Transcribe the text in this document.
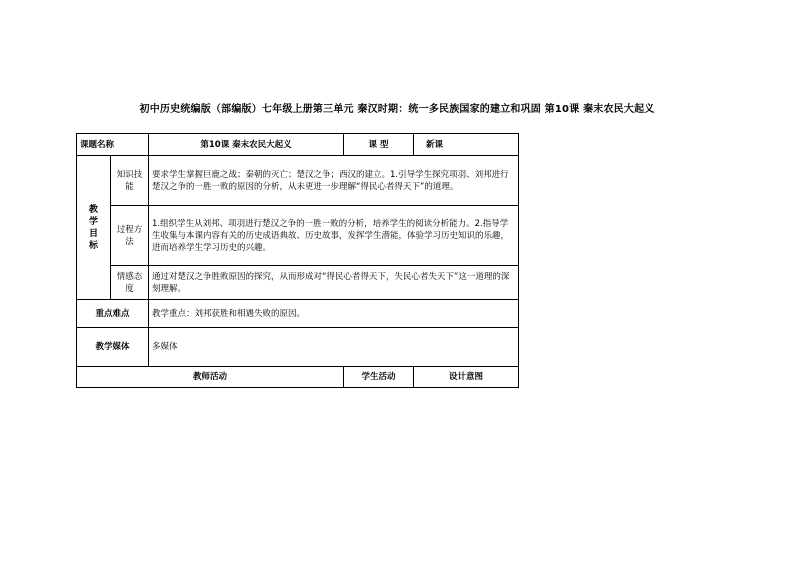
初中历史统编版（部编版）七年级上册第三单元 秦汉时期：统一多民族国家的建立和巩固 第10课 秦末农民大起义
课题名称		第10课 秦末农民大起义	课 型	新课

教
学
目
标	知识技能	要求学生掌握巨鹿之战；秦朝的灭亡；楚汉之争；西汉的建立。1.引导学生探究项羽、刘邦进行楚汉之争的一胜一败的原因的分析，从未更进一步理解“得民心者得天下”的道理。		
	过程方法	1.组织学生从刘邦、项羽进行楚汉之争的一胜一败的分析，培养学生的阅读分析能力。2.指导学生收集与本课内容有关的历史成语典故、历史故事，发挥学生潜能，体验学习历史知识的乐趣，进而培养学生学习历史的兴趣。		
	情感态度	通过对楚汉之争胜败原因的探究，从而形成对“得民心者得天下，失民心者失天下”这一道理的深刻理解。		
重点难点		教学重点：刘邦获胜和相遇失败的原因。		
教学媒体		多媒体		
教师活动			学生活动	设计意图
